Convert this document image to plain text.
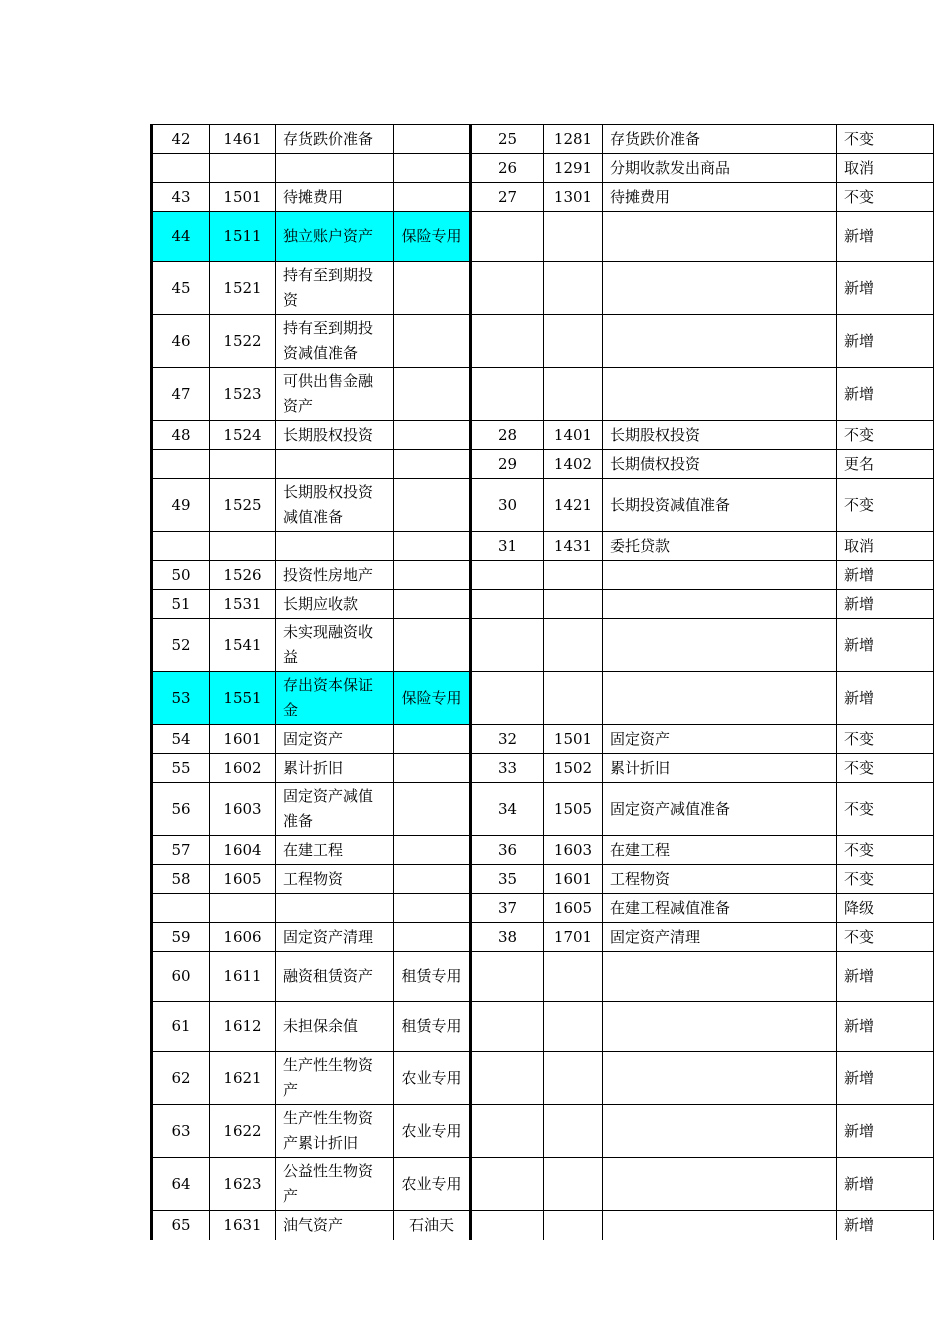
42	1461	存货跌价准备		25	1281	存货跌价准备	不变
				26	1291	分期收款发出商品	取消
43	1501	待摊费用		27	1301	待摊费用	不变
44	1511	独立账户资产	保险专用				新增
45	1521	持有至到期投资					新增
46	1522	持有至到期投资减值准备					新增
47	1523	可供出售金融资产					新增
48	1524	长期股权投资		28	1401	长期股权投资	不变
				29	1402	长期债权投资	更名
49	1525	长期股权投资减值准备		30	1421	长期投资减值准备	不变
				31	1431	委托贷款	取消
50	1526	投资性房地产					新增
51	1531	长期应收款					新增
52	1541	未实现融资收益					新增
53	1551	存出资本保证金	保险专用				新增
54	1601	固定资产		32	1501	固定资产	不变
55	1602	累计折旧		33	1502	累计折旧	不变
56	1603	固定资产减值准备		34	1505	固定资产减值准备	不变
57	1604	在建工程		36	1603	在建工程	不变
58	1605	工程物资		35	1601	工程物资	不变
				37	1605	在建工程减值准备	降级
59	1606	固定资产清理		38	1701	固定资产清理	不变
60	1611	融资租赁资产	租赁专用				新增
61	1612	未担保余值	租赁专用				新增
62	1621	生产性生物资产	农业专用				新增
63	1622	生产性生物资产累计折旧	农业专用				新增
64	1623	公益性生物资产	农业专用				新增
65	1631	油气资产	石油天				新增
